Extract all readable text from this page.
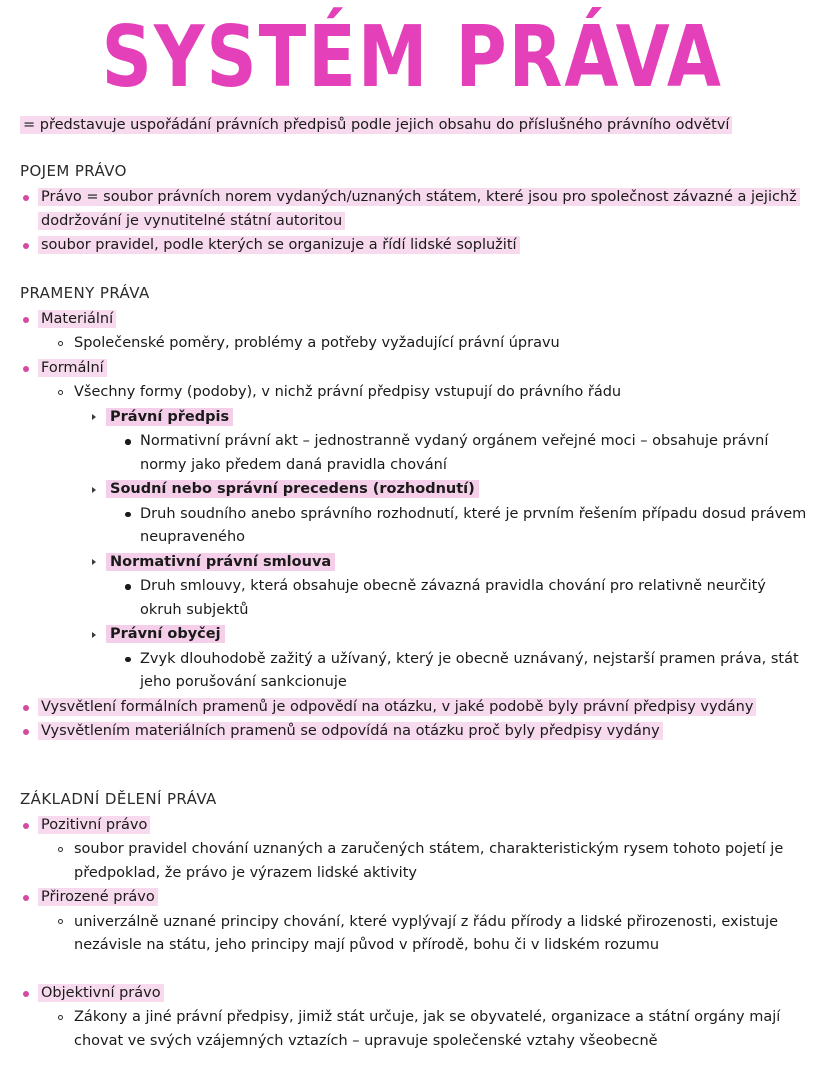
SYSTÉM PRÁVA
= představuje uspořádání právních předpisů podle jejich obsahu do příslušného právního odvětví
POJEM PRÁVO
Právo = soubor právních norem vydaných/uznaných státem, které jsou pro společnost závazné a jejichž dodržování je vynutitelné státní autoritou
soubor pravidel, podle kterých se organizuje a řídí lidské soplužití
PRAMENY PRÁVA
Materiální
Společenské poměry, problémy a potřeby vyžadující právní úpravu
Formální
Všechny formy (podoby), v nichž právní předpisy vstupují do právního řádu
Právní předpis
Normativní právní akt – jednostranně vydaný orgánem veřejné moci – obsahuje právní normy jako předem daná pravidla chování
Soudní nebo správní precedens (rozhodnutí)
Druh soudního anebo správního rozhodnutí, které je prvním řešením případu dosud právem neupraveného
Normativní právní smlouva
Druh smlouvy, která obsahuje obecně závazná pravidla chování pro relativně neurčitý okruh subjektů
Právní obyčej
Zvyk dlouhodobě zažitý a užívaný, který je obecně uznávaný, nejstarší pramen práva, stát jeho porušování sankcionuje
Vysvětlení formálních pramenů je odpovědí na otázku, v jaké podobě byly právní předpisy vydány
Vysvětlením materiálních pramenů se odpovídá na otázku proč byly předpisy vydány
ZÁKLADNÍ DĚLENÍ PRÁVA
Pozitivní právo
soubor pravidel chování uznaných a zaručených státem, charakteristickým rysem tohoto pojetí je předpoklad, že právo je výrazem lidské aktivity
Přirozené právo
univerzálně uznané principy chování, které vyplývají z řádu přírody a lidské přirozenosti, existuje nezávisle na státu, jeho principy mají původ v přírodě, bohu či v lidském rozumu
Objektivní právo
Zákony a jiné právní předpisy, jimiž stát určuje, jak se obyvatelé, organizace a státní orgány mají chovat ve svých vzájemných vztazích – upravuje společenské vztahy všeobecně
